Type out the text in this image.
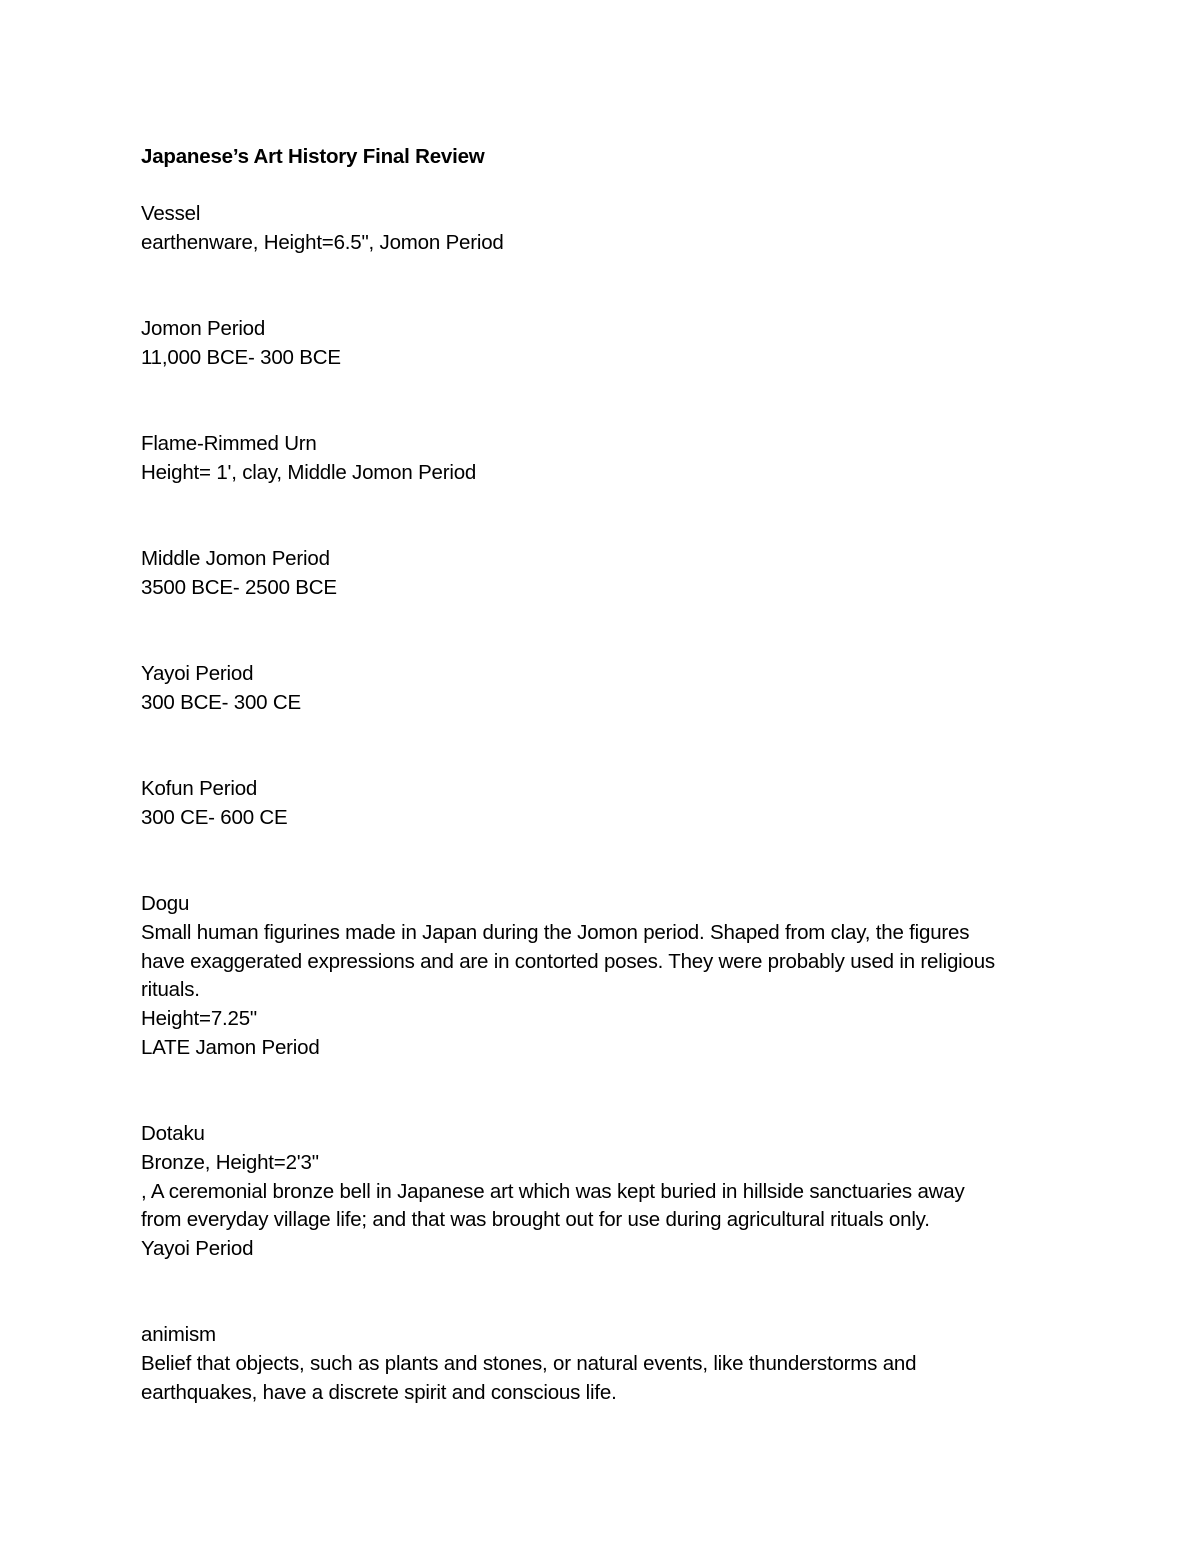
Japanese’s Art History Final Review
Vessel
earthenware, Height=6.5", Jomon Period
Jomon Period
11,000 BCE- 300 BCE
Flame-Rimmed Urn
Height= 1', clay, Middle Jomon Period
Middle Jomon Period
3500 BCE- 2500 BCE
Yayoi Period
300 BCE- 300 CE
Kofun Period
300 CE- 600 CE
Dogu
Small human figurines made in Japan during the Jomon period. Shaped from clay, the figures
have exaggerated expressions and are in contorted poses. They were probably used in religious
rituals.
Height=7.25"
LATE Jamon Period
Dotaku
Bronze, Height=2'3"
, A ceremonial bronze bell in Japanese art which was kept buried in hillside sanctuaries away
from everyday village life; and that was brought out for use during agricultural rituals only.
Yayoi Period
animism
Belief that objects, such as plants and stones, or natural events, like thunderstorms and
earthquakes, have a discrete spirit and conscious life.
